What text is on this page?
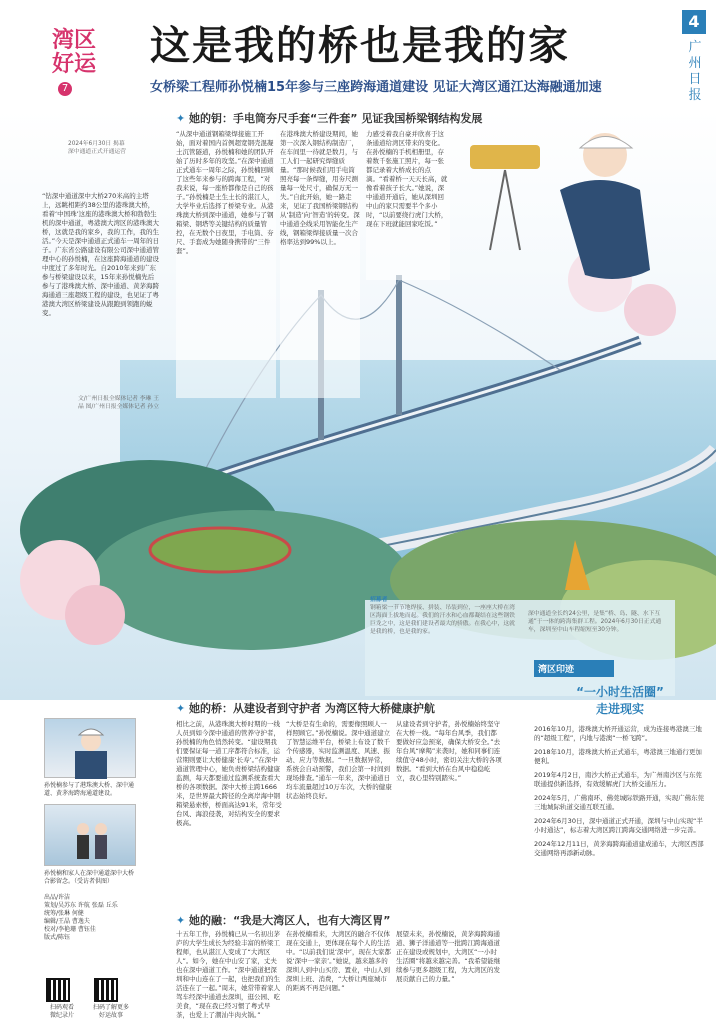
4
广州日报
湾区好运
7
这是我的桥也是我的家
女桥梁工程师孙悦楠15年参与三座跨海通道建设 见证大湾区通江达海融通加速
“钻深中通道深中大桥270米高的主塔上，远眺相距约38公里的港珠澳大桥，看着‘中国珠’这座的港珠澳大桥和勃勃生机的深中通道，粤港澳大湾区的港珠澳大桥，这就是我的家乡，我的工作，我的生活。”今天是深中通道正式通车一周年的日子。广东省公路建设有限公司深中通道管理中心的孙悦楠，在这座跨海通道的建设中度过了多年时光。自2010年来到广东参与桥梁建设以来，15年来孙悦楠先后参与了港珠澳大桥、深中通道、黄茅海跨海通道三座超级工程的建设，也见证了粤港澳大湾区桥梁建设从跟跑到领跑的蜕变。
文/广州日报全媒体记者 李琳 王晶 图/广州日报全媒体记者 孙立
2024年6月30日 揭幕
深中通道正式开通运营
✦ 她的钥：手电筒夯尺手套“三件套” 见证我国桥梁钢结构发展
“从深中通道钢箱梁焊接施工开始，面对着国内首例超宽钢壳混凝土沉管隧道，孙悦楠和她的团队开始了历时多年的攻坚。”在深中通道正式通车一周年之际，孙悦楠回顾了这些年来参与的跨海工程，“对我来说，每一座桥都像是自己的孩子。”孙悦楠是土生土长的湛江人，大学毕业后选择了桥梁专业。从港珠澳大桥到深中通道，她参与了钢箱梁、钢塔等关键结构的质量管控，在无数个日夜里，手电筒、夯尺、手套成为她随身携带的“三件套”。
在港珠澳大桥建设期间，她第一次深入钢结构制造厂，在车间里一待就是数月，与工人们一起研究焊缝质量。“那时候我们用手电筒照亮每一条焊缝，用夯尺测量每一处尺寸，确保万无一失。”自此开始，她一路走来，见证了我国桥梁钢结构从‘制造’向‘智造’的转变。深中通道全线采用智能化生产线，钢箱梁焊接质量一次合格率达到99%以上。
力感受着我自豪并欣喜于这条通道给湾区带来的变化。在孙悦楠的手机相册里，存着数千张施工照片，每一张都记录着大桥成长的点滴。“看着桥一天天长高，就像看着孩子长大。”她说，深中通道开通后，她从深圳回中山的家只需要半个多小时，“以前要绕行虎门大桥，现在下班就能回家吃饭。”
招募者
钢箱梁一节节地焊接、拼装、吊装到位，一座座大桥在湾区海面上拔地而起。我们的汗水和心血都凝结在这些钢铁巨龙之中，这是我们建设者最大的骄傲。在我心中，这就是我的桥，也是我的家。
深中通道全长约24公里，是集“桥、岛、隧、水下互通”于一体的跨海集群工程。2024年6月30日正式通车，深圳至中山车程缩短至30分钟。
✦ 她的桥：从建设者到守护者 为湾区特大桥健康护航
相比之前，从港珠澳大桥时期的一线人员到如今深中通道的管养守护者，孙悦楠的角色悄然转变。“建设期我们要保证每一道工序都符合标准，运营期则要让大桥健康‘长寿’。”在深中通道管理中心，她负责桥梁结构健康监测，每天都要通过监测系统查看大桥的各项数据。深中大桥主跨1666米，是世界最大跨径的全离岸海中钢箱梁悬索桥，桥面高达91米，常年受台风、海浪侵袭，对结构安全的要求极高。
“大桥是有生命的，需要像照顾人一样照顾它。”孙悦楠说。深中通道建立了智慧运维平台，桥梁上布设了数千个传感器，实时监测温度、风速、振动、应力等数据。“一旦数据异常，系统会自动预警，我们会第一时间到现场排查。”通车一年来，深中通道日均车流量超过10万车次，大桥的健康状态始终良好。
从建设者到守护者，孙悦楠始终坚守在大桥一线。“每年台风季，我们都要做好应急预案，确保大桥安全。”去年台风“摩羯”来袭时，她和同事们连续值守48小时，密切关注大桥的各项数据。“看到大桥在台风中稳稳屹立，我心里特别踏实。”
✦ 她的融：“我是大湾区人，也有大湾区胃”
十五年工作，孙悦楠已从一名初出茅庐的大学生成长为经验丰富的桥梁工程师，也从湛江人变成了“大湾区人”。如今，她在中山安了家，丈夫也在深中通道工作。“深中通道把深圳和中山连在了一起，也把我们的生活连在了一起。”周末，她常带着家人驾车经深中通道去深圳，逛公园、吃美食，“现在我已经习惯了粤式早茶，也爱上了潮汕牛肉火锅。”
在孙悦楠看来，大湾区的融合不仅体现在交通上，更体现在每个人的生活中。“以前我们说‘深中’，现在大家都说‘深中一家亲’。”她说，越来越多的深圳人到中山买房、置业，中山人到深圳上班、消费，“大桥让两座城市的距离不再是问题。”
展望未来，孙悦楠说，黄茅海跨海通道、狮子洋通道等一批跨江跨海通道正在建设或规划中，大湾区“一小时生活圈”将越来越完善。“我希望能继续参与更多超级工程，为大湾区的发展贡献自己的力量。”
孙悦楠参与了港珠澳大桥、深中通道、黄茅海跨海通道建设。
孙悦楠和家人在深中通道深中大桥合影留念。（受访者供图）
出品/许洁
策划/吴苏东 许航 张磊 丘乐
统筹/张琳 何健
编辑/王晶 曹逸夫
校对/李艳珊 曹钰佳
版式/陈钰
扫码观看
微纪录片
扫码了解更多
好运故事
湾区印迹
“一小时生活圈”
走进现实
2016年10月，港珠澳大桥开通运营，成为连接粤港澳三地的“超级工程”，内地与港澳“一桥飞跨”。
2018年10月，港珠澳大桥正式通车，粤港澳三地通行更加便利。
2019年4月2日，南沙大桥正式通车，为广州南沙区与东莞联通提供新选择，有效缓解虎门大桥交通压力。
2024年5月，广佛南环、佛莞城际铁路开通，实现广佛东莞三地城际轨道交通互联互通。
2024年6月30日，深中通道正式开通，深圳与中山实现“半小时通达”，标志着大湾区跨江跨海交通网络进一步完善。
2024年12月11日，黄茅海跨海通道建成通车，大湾区西部交通网络再添新动脉。
